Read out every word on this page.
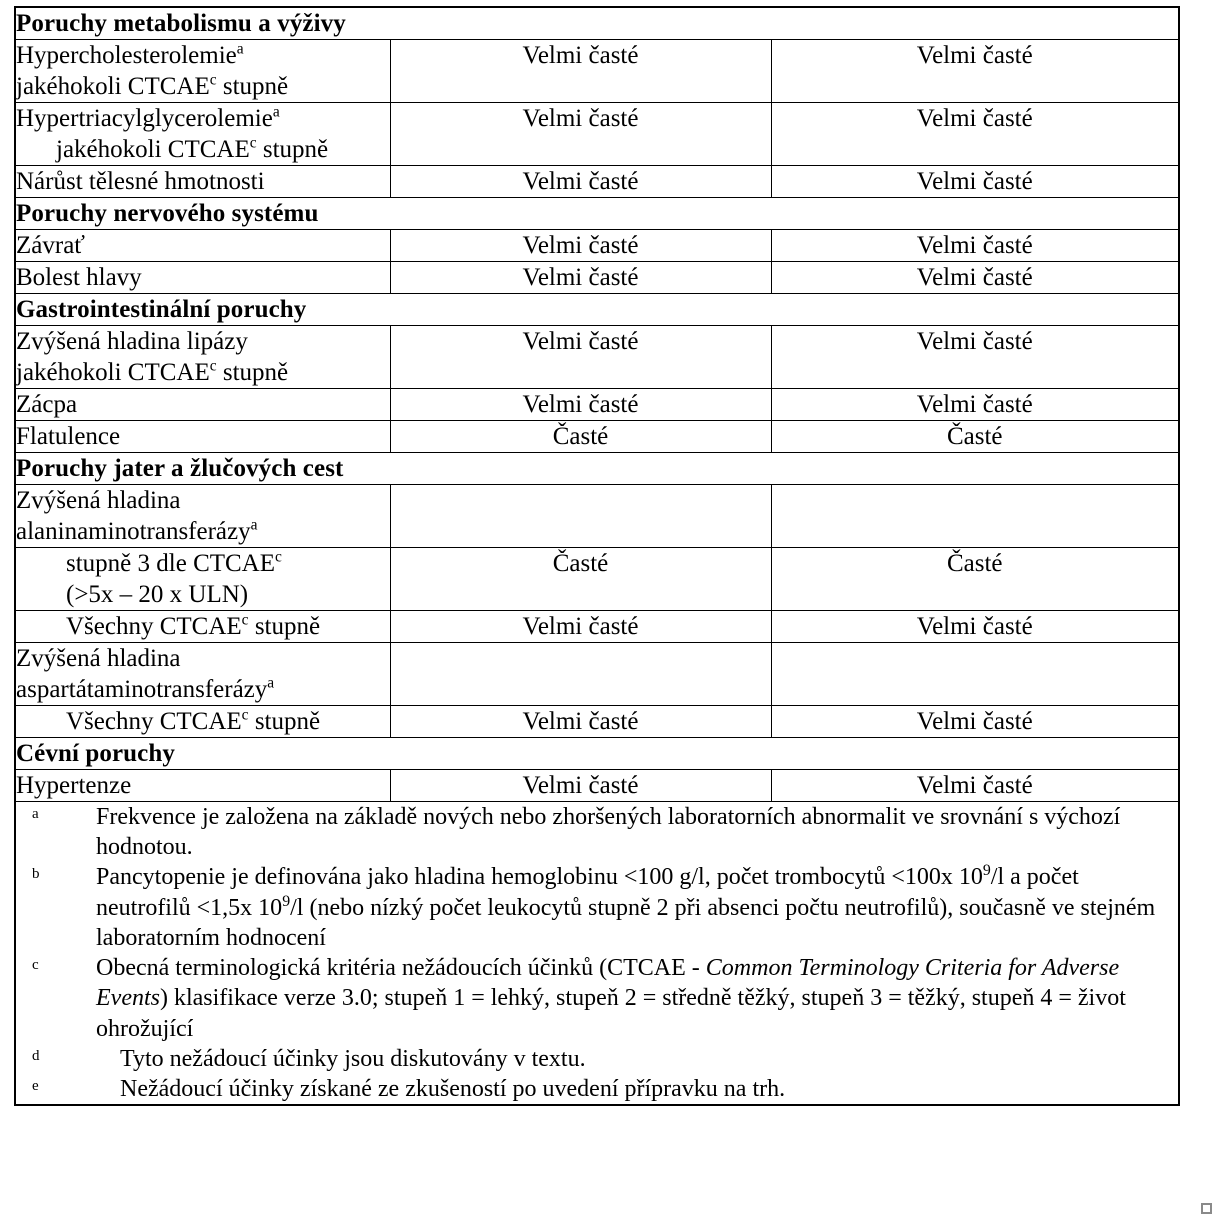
Poruchy metabolismu a výživy		
Hypercholesterolemie$^a$
jakéhokoli CTCAE$^c$ stupně	Velmi časté	Velmi časté
Hypertriacylglycerolemie$^a$
jakéhokoli CTCAE$^c$ stupně	Velmi časté	Velmi časté
Nárůst tělesné hmotnosti	Velmi časté	Velmi časté
Poruchy nervového systému		
Závrať	Velmi časté	Velmi časté
Bolest hlavy	Velmi časté	Velmi časté
Gastrointestinální poruchy		
Zvýšená hladina lipázy
jakéhokoli CTCAE$^c$ stupně	Velmi časté	Velmi časté
Zácpa	Velmi časté	Velmi časté
Flatulence	Časté	Časté
Poruchy jater a žlučových cest		
Zvýšená hladina
alaninaminotransferázy$^a$

stupně 3 dle CTCAE$^c$
(>5x – 20 x ULN)	Časté	Časté
Všechny CTCAE$^c$ stupně	Velmi časté	Velmi časté
Zvýšená hladina
aspartátaminotransferázy$^a$

Všechny CTCAE$^c$ stupně	Velmi časté	Velmi časté
Cévní poruchy		
Hypertenze	Velmi časté	Velmi časté

a	Frekvence je založena na základě nových nebo zhoršených laboratorních abnormalit ve srovnání s výchozí hodnotou.
b	Pancytopenie je definována jako hladina hemoglobinu <100 g/l, počet trombocytů <100x $10^9/l$ a počet neutrofilů <1,5x $10^9/l$ (nebo nízký počet leukocytů stupně 2 při absenci počtu neutrofilů), současně ve stejném laboratorním hodnocení
c	Obecná terminologická kritéria nežádoucích účinků (CTCAE - Common Terminology Criteria for Adverse Events) klasifikace verze 3.0; stupeň 1 = lehký, stupeň 2 = středně těžký, stupeň 3 = těžký, stupeň 4 = život ohrožující
d	Tyto nežádoucí účinky jsou diskutovány v textu.
e	Nežádoucí účinky získané ze zkušeností po uvedení přípravku na trh.
